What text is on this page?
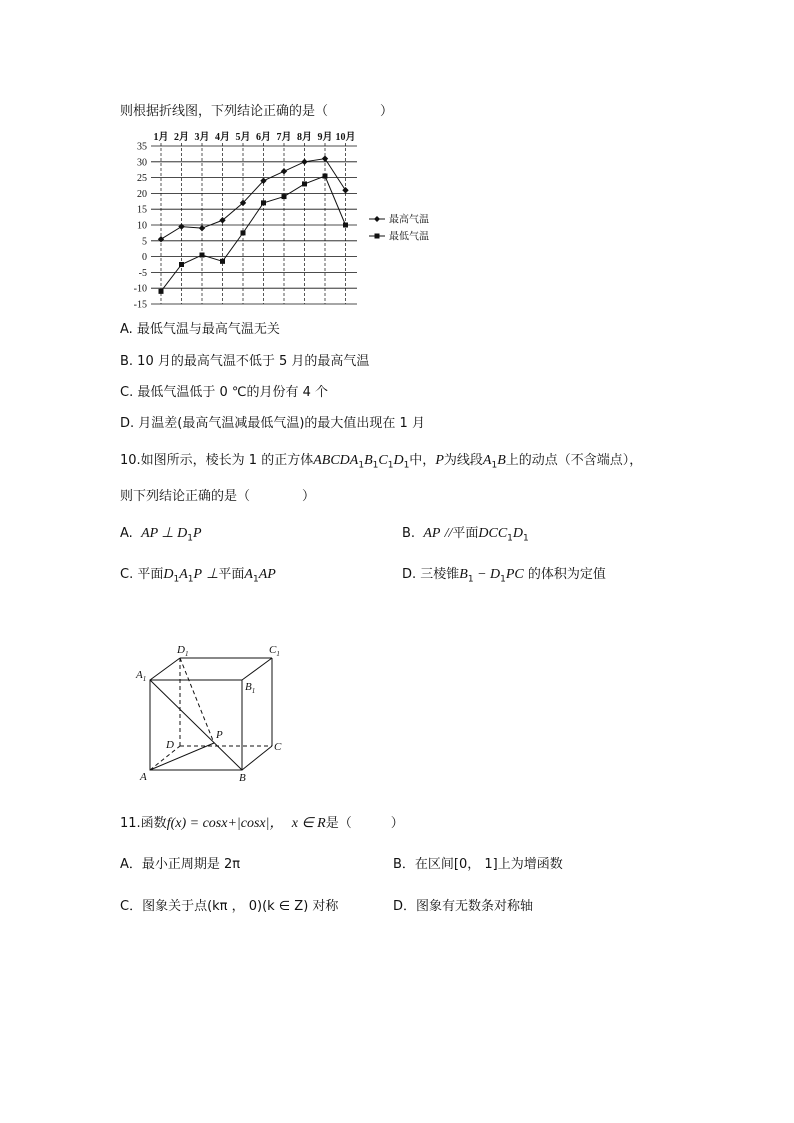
则根据折线图，下列结论正确的是（　　　　）
1月 2月 3月 4月 5月 6月 7月 8月 9月 10月
35
30
25
20
15
10
5
0
-5
-10
-15
最高气温
最低气温
A. 最低气温与最高气温无关
B. 10 月的最高气温不低于 5 月的最高气温
C. 最低气温低于 0 ℃的月份有 4 个
D. 月温差(最高气温减最低气温)的最大值出现在 1 月
10.如图所示，棱长为 1 的正方体$ABCDA_1B_1C_1D_1$中，P为线段$A_1B$上的动点（不含端点），
则下列结论正确的是（　　　　）
A. AP ⊥ $D_1P$	B. AP //平面$DCC_1D_1$
C. 平面$D_1A_1P$ ⊥平面$A_1AP$	D. 三棱锥$B_1 - D_1PC$ 的体积为定值
$D_1$	$C_1$
$A_1$
$B_1$
D
P
C
A	B
11.函数f(x) = cosx+|cosx|， x ∈ R是（　　　）
A．最小正周期是 2π	B．在区间[0， 1]上为增函数
C．图象关于点(kπ ， 0)(k ∈ Z) 对称	D．图象有无数条对称轴
